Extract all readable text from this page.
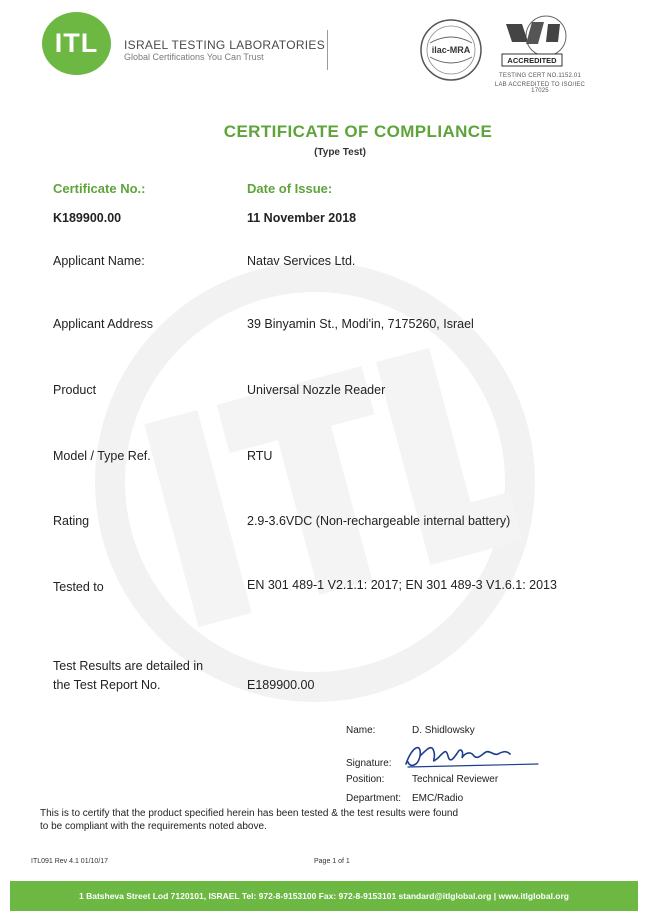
ITL	ISRAEL TESTING LABORATORIES
Global Certifications You Can Trust
ilac-MRA
ACCREDITED
TESTING CERT NO.1152.01
LAB ACCREDITED TO ISO/IEC 17025
CERTIFICATE OF COMPLIANCE
(Type Test)
Certificate No.:	Date of Issue:
K189900.00	11 November 2018
Applicant Name:	Natav Services Ltd.
Applicant Address	39 Binyamin St., Modi'in, 7175260, Israel
Product	Universal Nozzle Reader
Model / Type Ref.	RTU
Rating	2.9-3.6VDC (Non-rechargeable internal battery)
Tested to	EN 301 489-1 V2.1.1: 2017; EN 301 489-3 V1.6.1: 2013
Test Results are detailed in
the Test Report No.	E189900.00
Name:	D. Shidlowsky
Signature:
Position:	Technical Reviewer
Department: EMC/Radio
This is to certify that the product specified herein has been tested & the test results were found
to be compliant with the requirements noted above.
ITL091 Rev 4.1 01/10/17	Page 1 of 1
1 Batsheva Street Lod 7120101, ISRAEL Tel: 972-8-9153100 Fax: 972-8-9153101 standard@itlglobal.org | www.itlglobal.org
